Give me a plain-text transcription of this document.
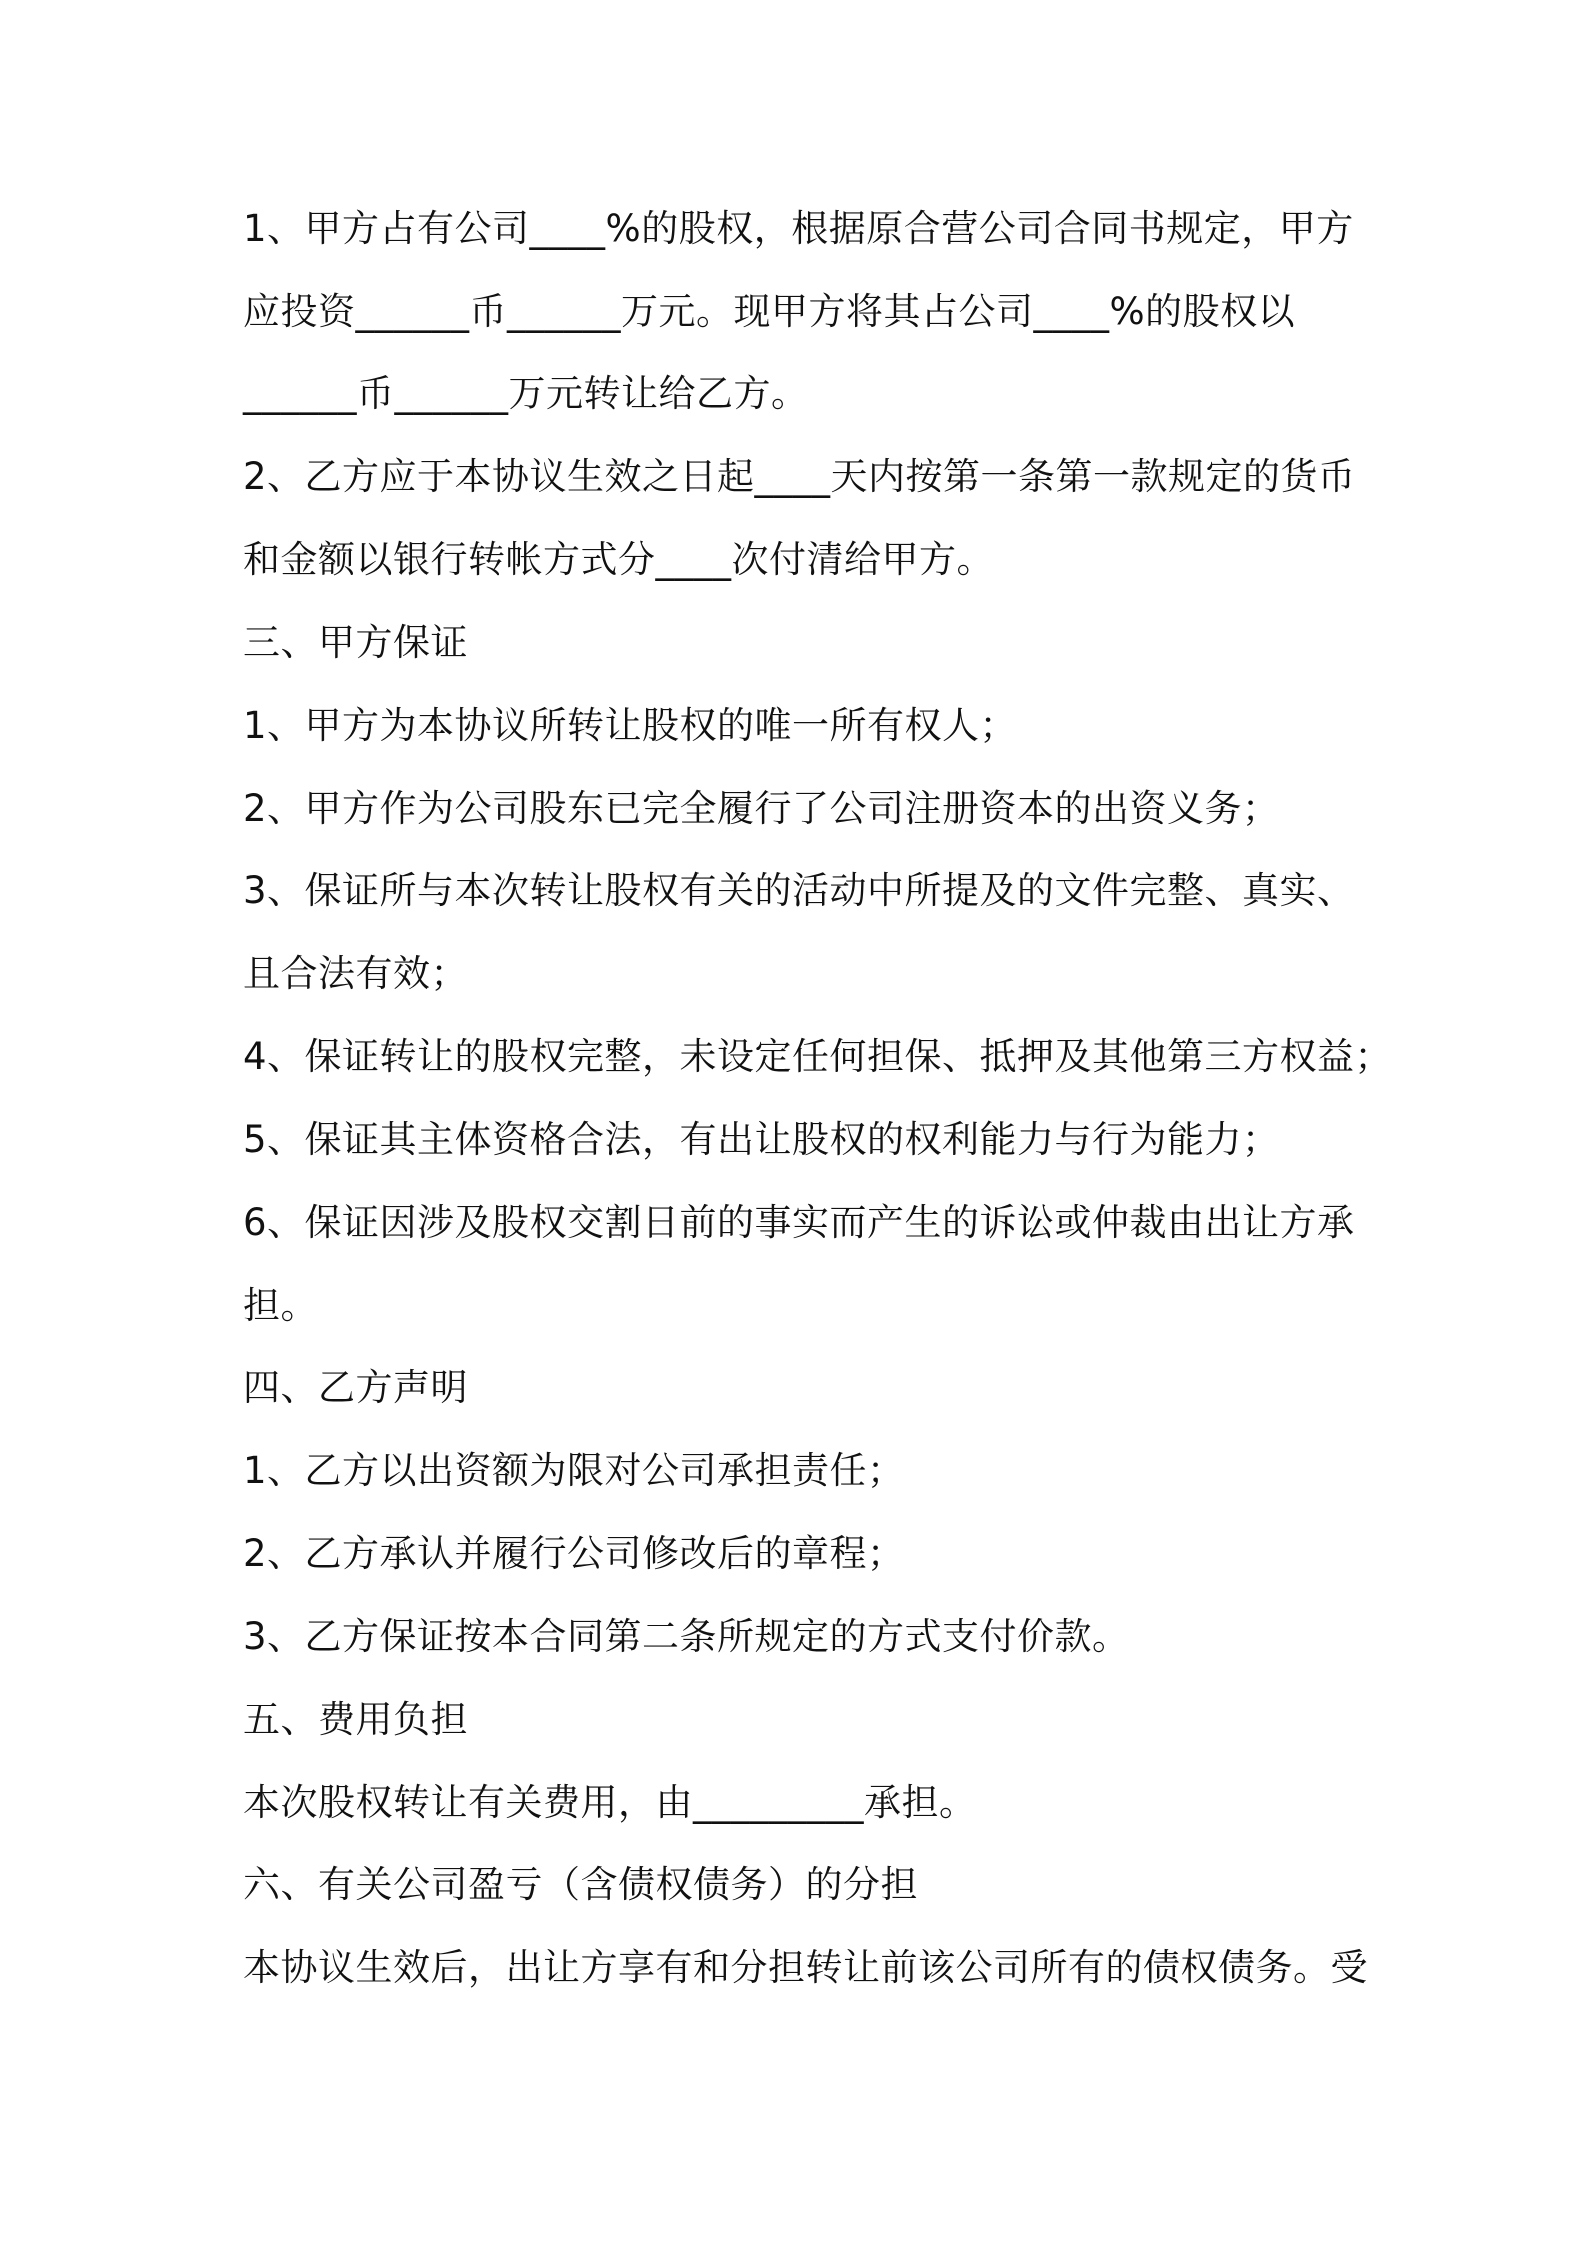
1、甲方占有公司____%的股权，根据原合营公司合同书规定，甲方
应投资______币______万元。现甲方将其占公司____%的股权以
______币______万元转让给乙方。
2、乙方应于本协议生效之日起____天内按第一条第一款规定的货币
和金额以银行转帐方式分____次付清给甲方。
三、甲方保证
1、甲方为本协议所转让股权的唯一所有权人；
2、甲方作为公司股东已完全履行了公司注册资本的出资义务；
3、保证所与本次转让股权有关的活动中所提及的文件完整、真实、
且合法有效；
4、保证转让的股权完整，未设定任何担保、抵押及其他第三方权益；
5、保证其主体资格合法，有出让股权的权利能力与行为能力；
6、保证因涉及股权交割日前的事实而产生的诉讼或仲裁由出让方承
担。
四、乙方声明
1、乙方以出资额为限对公司承担责任；
2、乙方承认并履行公司修改后的章程；
3、乙方保证按本合同第二条所规定的方式支付价款。
五、费用负担
本次股权转让有关费用，由_________承担。
六、有关公司盈亏（含债权债务）的分担
本协议生效后，出让方享有和分担转让前该公司所有的债权债务。受
